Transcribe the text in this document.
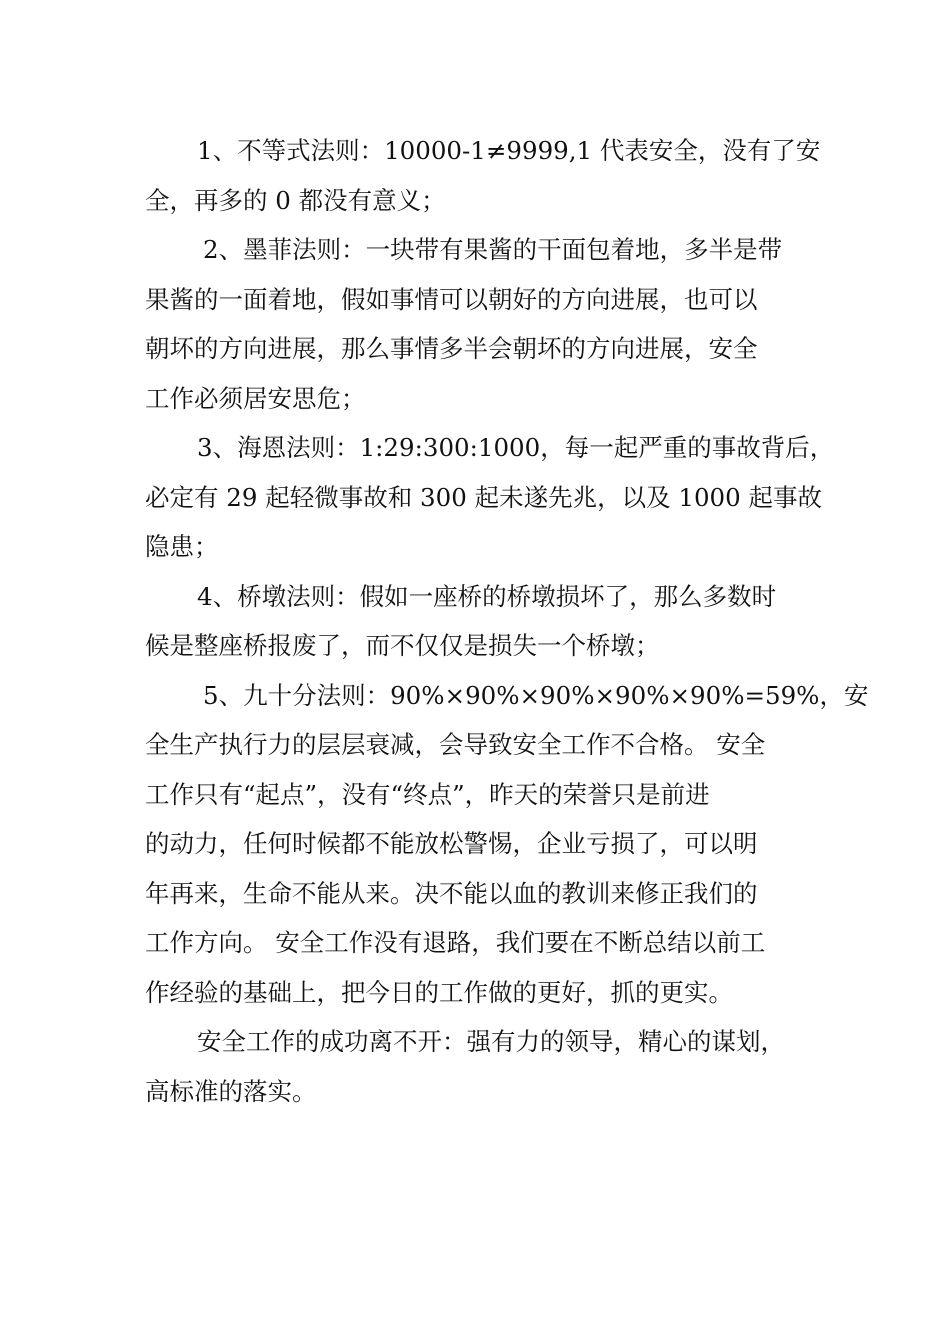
1、不等式法则：10000-1≠9999,1 代表安全，没有了安
全，再多的 0 都没有意义；
2、墨菲法则：一块带有果酱的干面包着地，多半是带
果酱的一面着地，假如事情可以朝好的方向进展，也可以
朝坏的方向进展，那么事情多半会朝坏的方向进展，安全
工作必须居安思危；
3、海恩法则：1:29:300:1000，每一起严重的事故背后，
必定有 29 起轻微事故和 300 起未遂先兆，以及 1000 起事故
隐患；
4、桥墩法则：假如一座桥的桥墩损坏了，那么多数时
候是整座桥报废了，而不仅仅是损失一个桥墩；
5、九十分法则：90%×90%×90%×90%×90%=59%，安
全生产执行力的层层衰减，会导致安全工作不合格。 安全
工作只有“起点”，没有“终点”，昨天的荣誉只是前进
的动力，任何时候都不能放松警惕，企业亏损了，可以明
年再来，生命不能从来。决不能以血的教训来修正我们的
工作方向。 安全工作没有退路，我们要在不断总结以前工
作经验的基础上，把今日的工作做的更好，抓的更实。
安全工作的成功离不开：强有力的领导，精心的谋划，
高标准的落实。
